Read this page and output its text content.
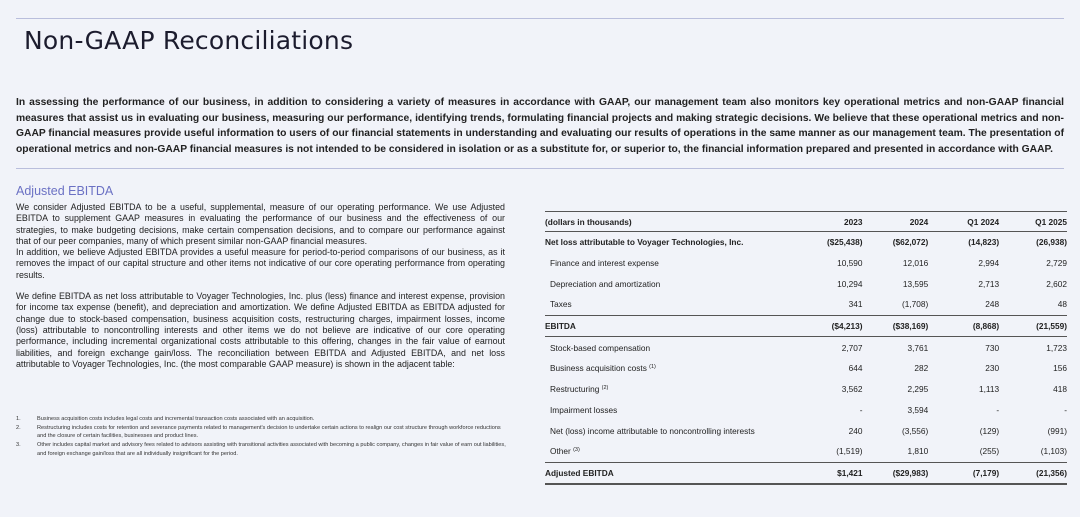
Non-GAAP Reconciliations

In assessing the performance of our business, in addition to considering a variety of measures in accordance with GAAP, our management team also monitors key operational metrics and non-GAAP financial measures that assist us in evaluating our business, measuring our performance, identifying trends, formulating financial projects and making strategic decisions. We believe that these operational metrics and non-GAAP financial measures provide useful information to users of our financial statements in understanding and evaluating our results of operations in the same manner as our management team. The presentation of operational metrics and non-GAAP financial measures is not intended to be considered in isolation or as a substitute for, or superior to, the financial information prepared and presented in accordance with GAAP.

Adjusted EBITDA

We consider Adjusted EBITDA to be a useful, supplemental, measure of our operating performance. We use Adjusted EBITDA to supplement GAAP measures in evaluating the performance of our business and the effectiveness of our strategies, to make budgeting decisions, make certain compensation decisions, and to compare our performance against that of our peer companies, many of which present similar non-GAAP financial measures.

In addition, we believe Adjusted EBITDA provides a useful measure for period-to-period comparisons of our business, as it removes the impact of our capital structure and other items not indicative of our core operating performance from operating results.

We define EBITDA as net loss attributable to Voyager Technologies, Inc. plus (less) finance and interest expense, provision for income tax expense (benefit), and depreciation and amortization. We define Adjusted EBITDA as EBITDA adjusted for change due to stock-based compensation, business acquisition costs, restructuring charges, impairment losses, income (loss) attributable to noncontrolling interests and other items we do not believe are indicative of our core operating performance, including incremental organizational costs attributable to this offering, changes in the fair value of earnout liabilities, and foreign exchange gain/loss. The reconciliation between EBITDA and Adjusted EBITDA, and net loss attributable to Voyager Technologies, Inc. (the most comparable GAAP measure) is shown in the adjacent table:

1.	Business acquisition costs includes legal costs and incremental transaction costs associated with an acquisition.
2.	Restructuring includes costs for retention and severance payments related to management's decision to undertake certain actions to realign our cost structure through workforce reductions and the closure of certain facilities, businesses and product lines.
3.	Other includes capital market and advisory fees related to advisors assisting with transitional activities associated with becoming a public company, changes in fair value of earn out liabilities, and foreign exchange gain/loss that are all individually insignificant for the period.
(dollars in thousands)	2023	2024	Q1 2024	Q1 2025
Net loss attributable to Voyager Technologies, Inc.	($25,438)	($62,072)	(14,823)	(26,938)
Finance and interest expense	10,590	12,016	2,994	2,729
Depreciation and amortization	10,294	13,595	2,713	2,602
Taxes	341	(1,708)	248	48
EBITDA	($4,213)	($38,169)	(8,868)	(21,559)
Stock-based compensation	2,707	3,761	730	1,723
Business acquisition costs $^{(1)}$	644	282	230	156
Restructuring $^{(2)}$	3,562	2,295	1,113	418
Impairment losses	-	3,594	-	-
Net (loss) income attributable to noncontrolling interests	240	(3,556)	(129)	(991)
Other $^{(3)}$	(1,519)	1,810	(255)	(1,103)
Adjusted EBITDA	$1,421	($29,983)	(7,179)	(21,356)
